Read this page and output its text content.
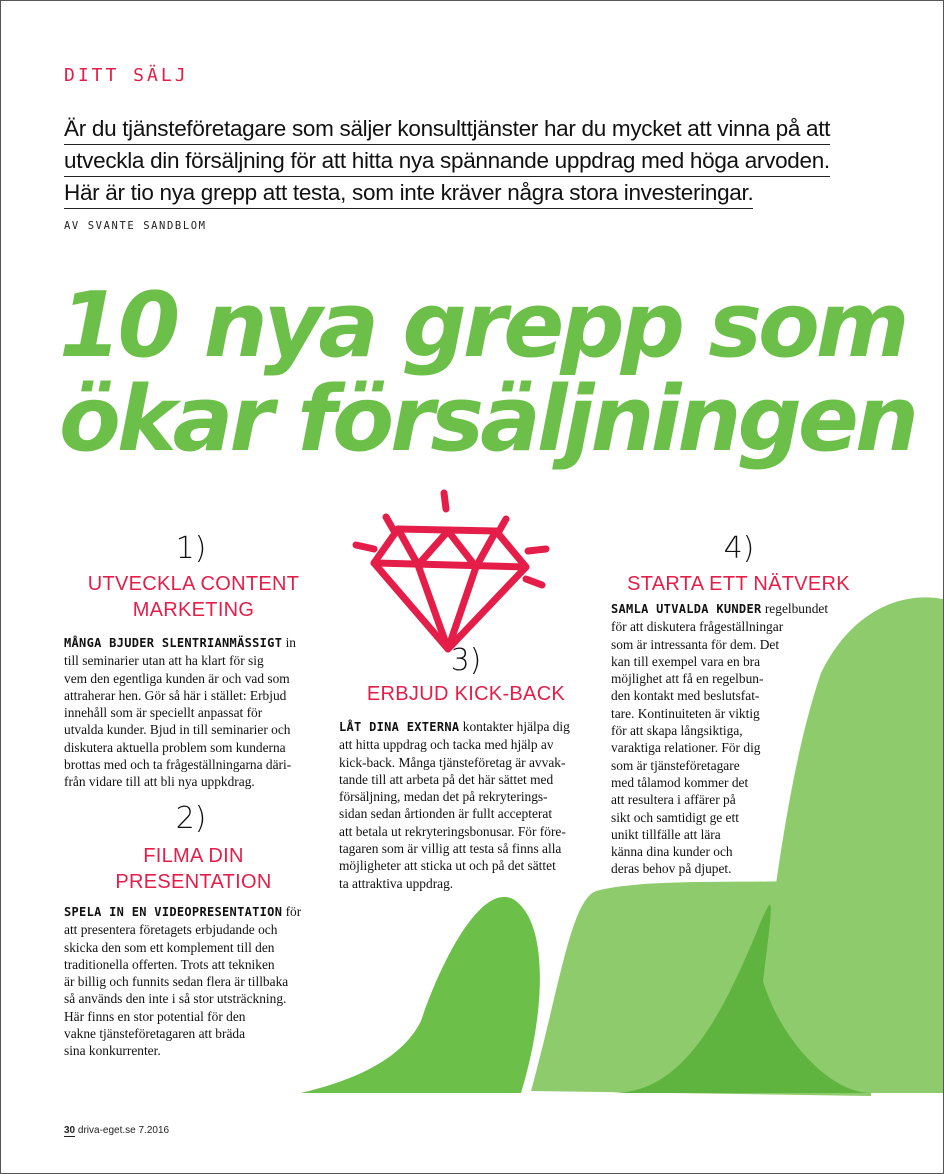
DITT SÄLJ
Är du tjänsteföretagare som säljer konsulttjänster har du mycket att vinna på att
utveckla din försäljning för att hitta nya spännande uppdrag med höga arvoden.
Här är tio nya grepp att testa, som inte kräver några stora investeringar.
AV SVANTE SANDBLOM
10 nya grepp som
ökar försäljningen
1)
UTVECKLA CONTENT
MARKETING
MÅNGA BJUDER SLENTRIANMÄSSIGT in
till seminarier utan att ha klart för sig
vem den egentliga kunden är och vad som
attraherar hen. Gör så här i stället: Erbjud
innehåll som är speciellt anpassat för
utvalda kunder. Bjud in till seminarier och
diskutera aktuella problem som kunderna
brottas med och ta frågeställningarna däri-
från vidare till att bli nya uppkdrag.
2)
FILMA DIN
PRESENTATION
SPELA IN EN VIDEOPRESENTATION för
att presentera företagets erbjudande och
skicka den som ett komplement till den
traditionella offerten. Trots att tekniken
är billig och funnits sedan flera är tillbaka
så används den inte i så stor utsträckning.
Här finns en stor potential för den
vakne tjänsteföretagaren att bräda
sina konkurrenter.
3)
ERBJUD KICK-BACK
LÅT DINA EXTERNA kontakter hjälpa dig
att hitta uppdrag och tacka med hjälp av
kick-back. Många tjänsteföretag är avvak-
tande till att arbeta på det här sättet med
försäljning, medan det på rekryterings-
sidan sedan årtionden är fullt accepterat
att betala ut rekryteringsbonusar. För före-
tagaren som är villig att testa så finns alla
möjligheter att sticka ut och på det sättet
ta attraktiva uppdrag.
4)
STARTA ETT NÄTVERK
SAMLA UTVALDA KUNDER regelbundet
för att diskutera frågeställningar
som är intressanta för dem. Det
kan till exempel vara en bra
möjlighet att få en regelbun-
den kontakt med beslutsfat-
tare. Kontinuiteten är viktig
för att skapa långsiktiga,
varaktiga relationer. För dig
som är tjänsteföretagare
med tålamod kommer det
att resultera i affärer på
sikt och samtidigt ge ett
unikt tillfälle att lära
känna dina kunder och
deras behov på djupet.
30 driva-eget.se 7.2016
